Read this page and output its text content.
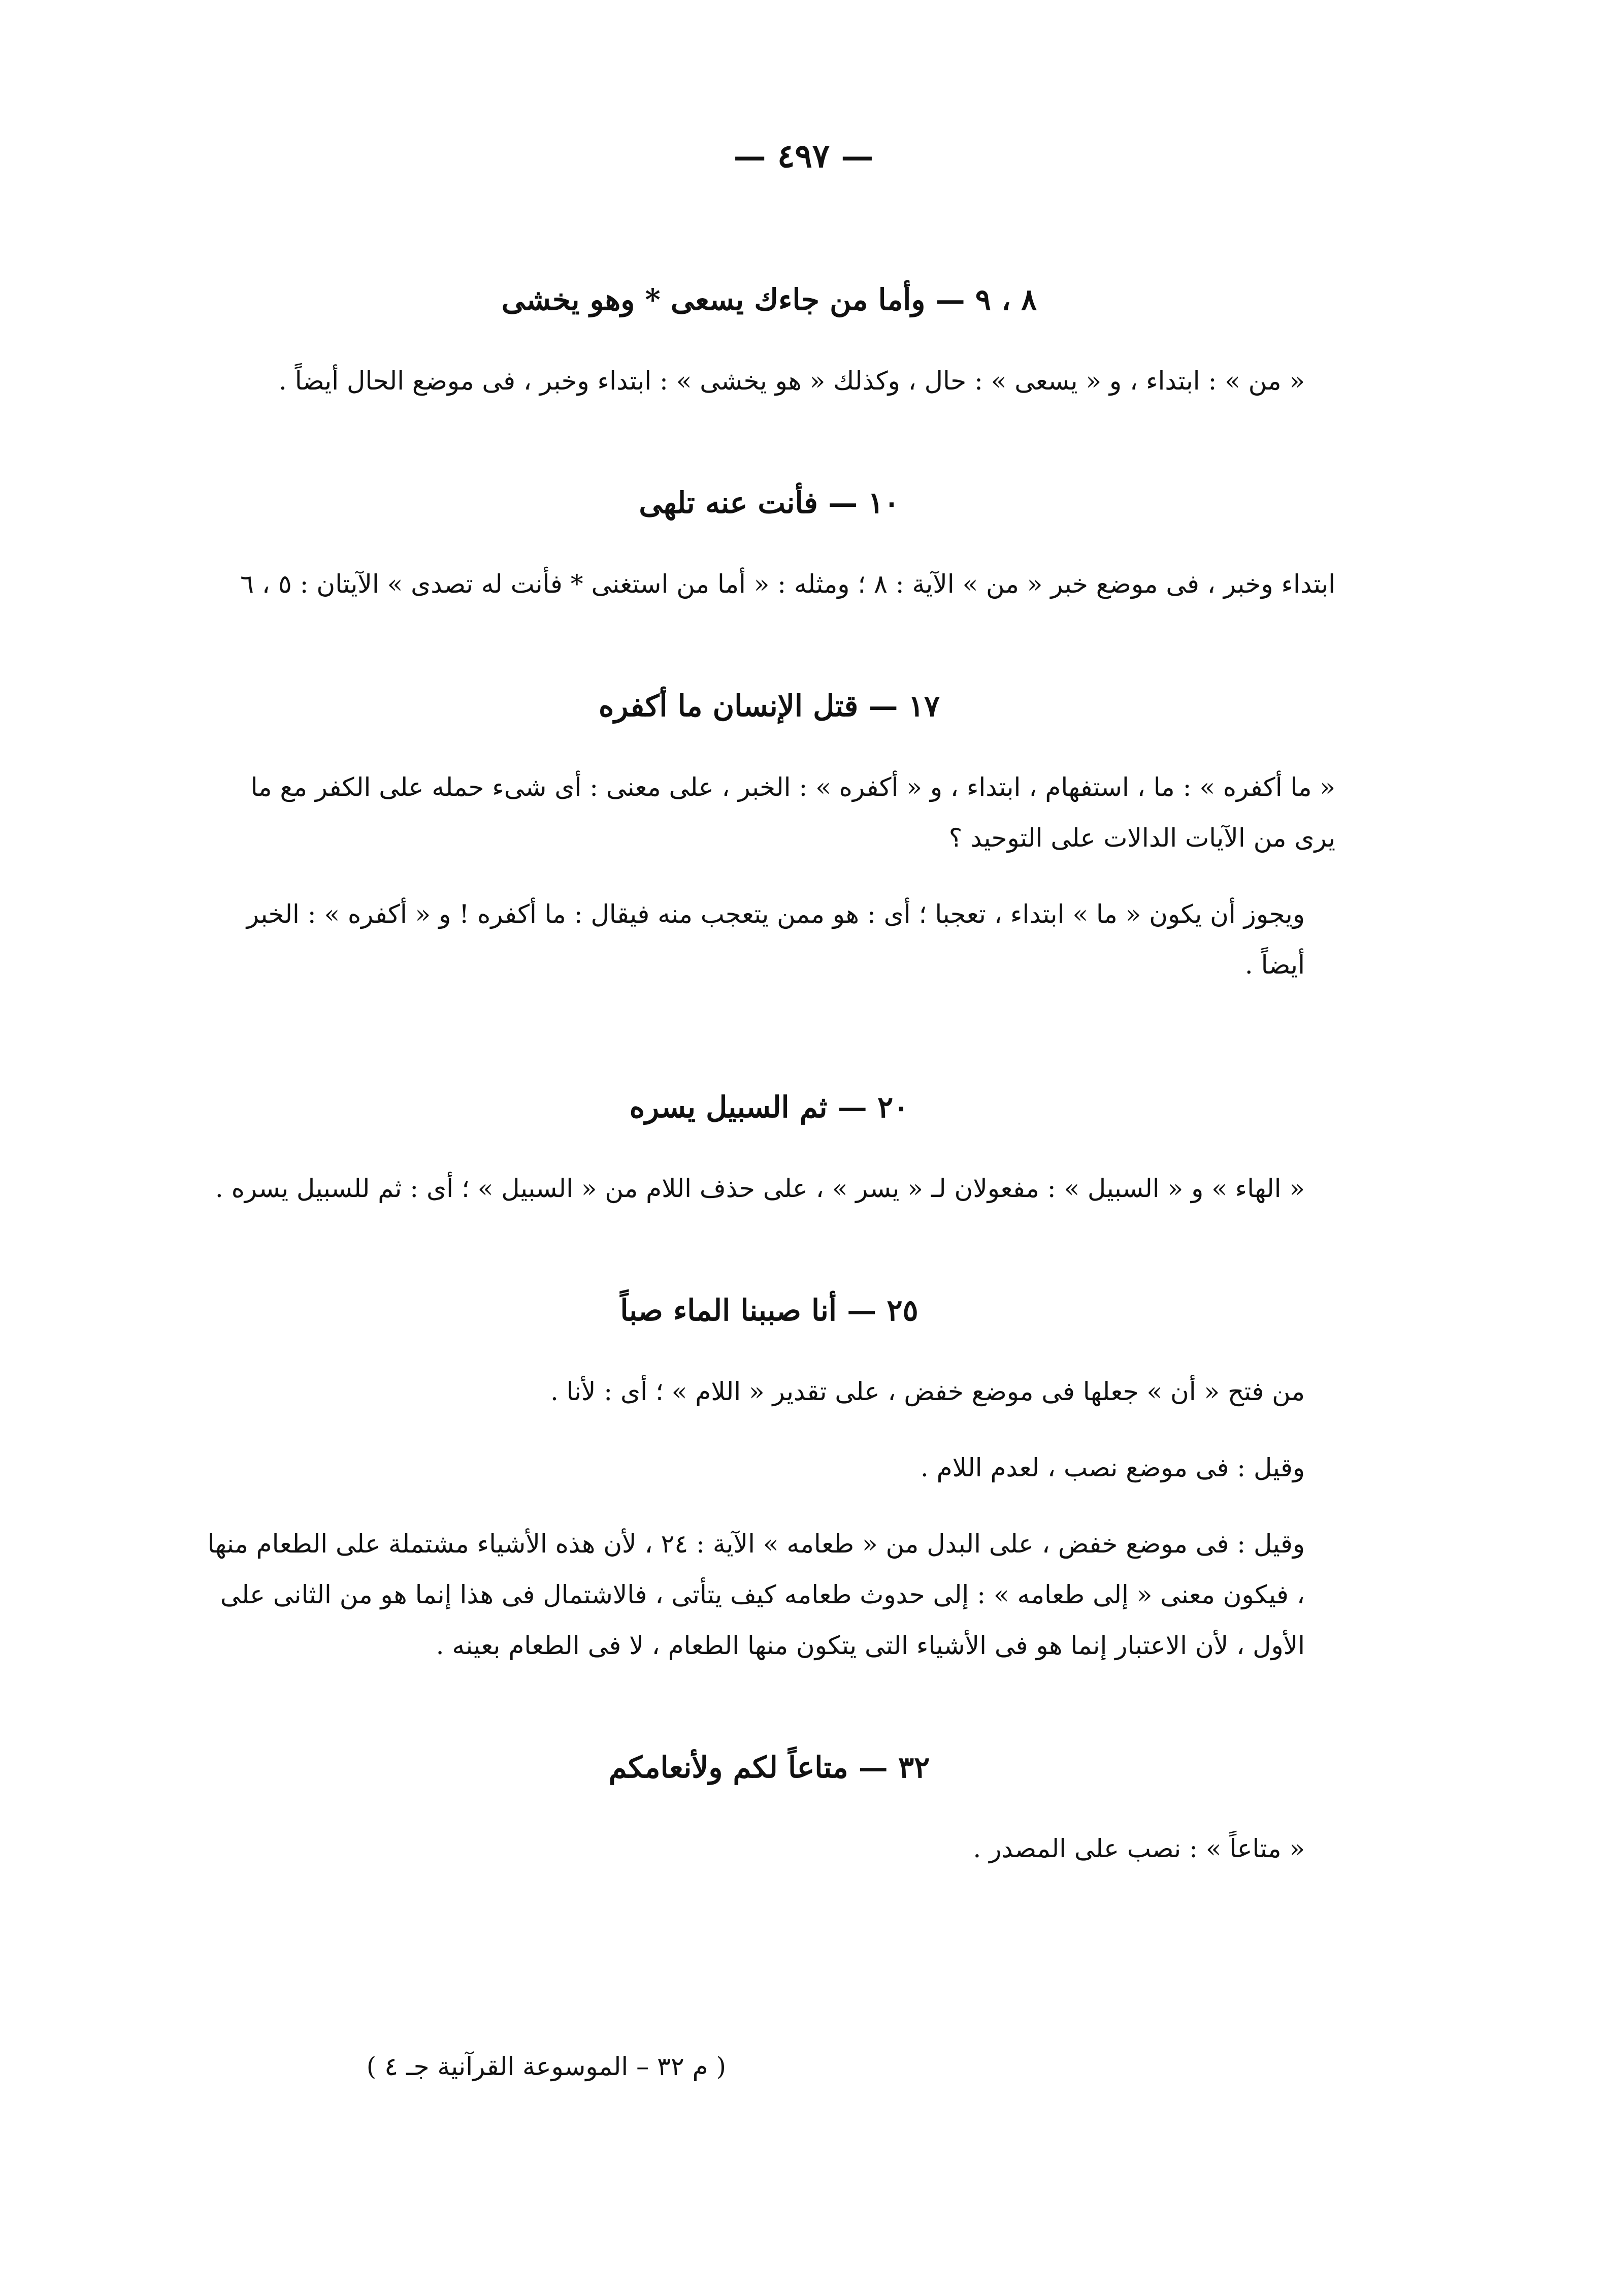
— ٤٩٧ —

٨ ، ٩ — وأما من جاءك يسعى * وهو يخشى

« من » : ابتداء ، و « يسعى » : حال ، وكذلك « هو يخشى » : ابتداء وخبر ، فى موضع الحال أيضاً .

١٠ — فأنت عنه تلهى

ابتداء وخبر ، فى موضع خبر « من » الآية : ٨ ؛ ومثله : « أما من استغنى * فأنت له تصدى » الآيتان : ٥ ، ٦

١٧ — قتل الإنسان ما أكفره

« ما أكفره » : ما ، استفهام ، ابتداء ، و « أكفره » : الخبر ، على معنى : أى شىء حمله على الكفر مع ما يرى من الآيات الدالات على التوحيد ؟

ويجوز أن يكون « ما » ابتداء ، تعجبا ؛ أى : هو ممن يتعجب منه فيقال : ما أكفره ! و « أكفره » : الخبر أيضاً .

٢٠ — ثم السبيل يسره

« الهاء » و « السبيل » : مفعولان لـ « يسر » ، على حذف اللام من « السبيل » ؛ أى : ثم للسبيل يسره .

٢٥ — أنا صببنا الماء صباً

من فتح « أن » جعلها فى موضع خفض ، على تقدير « اللام » ؛ أى : لأنا .

وقيل : فى موضع نصب ، لعدم اللام .

وقيل : فى موضع خفض ، على البدل من « طعامه » الآية : ٢٤ ، لأن هذه الأشياء مشتملة على الطعام منها ، فيكون معنى « إلى طعامه » : إلى حدوث طعامه كيف يتأتى ، فالاشتمال فى هذا إنما هو من الثانى على الأول ، لأن الاعتبار إنما هو فى الأشياء التى يتكون منها الطعام ، لا فى الطعام بعينه .

٣٢ — متاعاً لكم ولأنعامكم

« متاعاً » : نصب على المصدر .

( م ٣٢ – الموسوعة القرآنية جـ ٤ )
